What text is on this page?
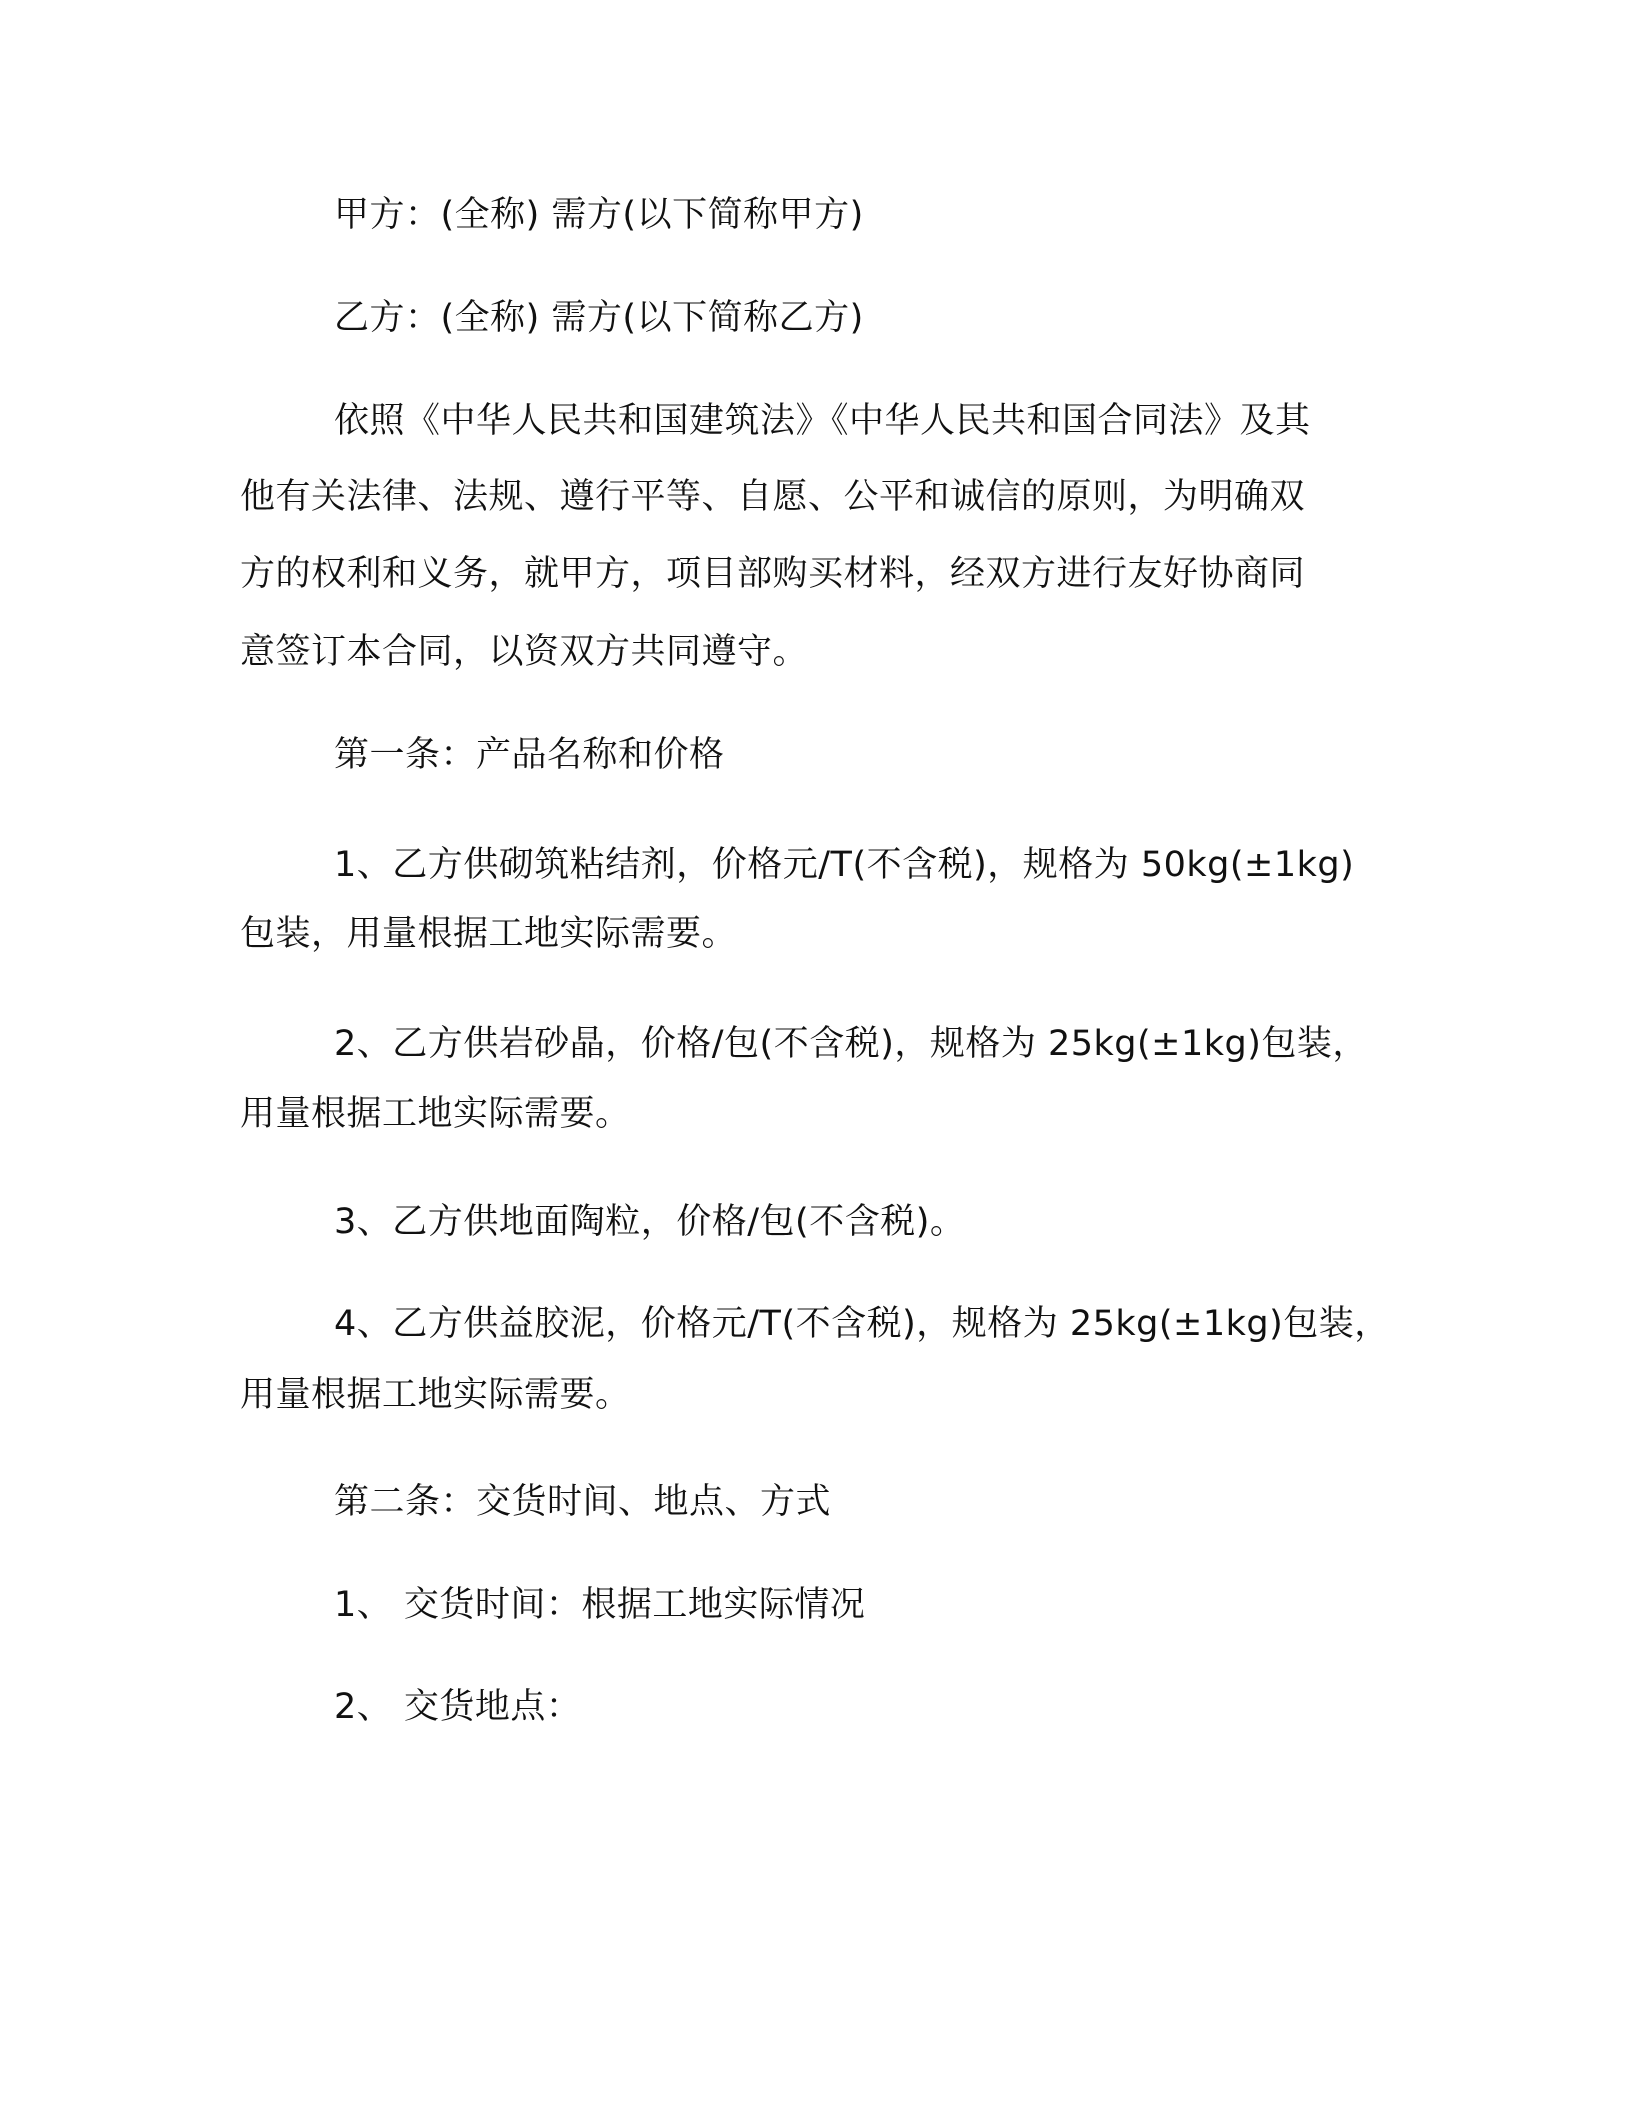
甲方：(全称) 需方(以下简称甲方)
乙方：(全称) 需方(以下简称乙方)
依照《中华人民共和国建筑法》《中华人民共和国合同法》及其
他有关法律、法规、遵行平等、自愿、公平和诚信的原则，为明确双
方的权利和义务，就甲方，项目部购买材料，经双方进行友好协商同
意签订本合同，以资双方共同遵守。
第一条：产品名称和价格
1、乙方供砌筑粘结剂，价格元/T(不含税)，规格为 50kg(±1kg)
包装，用量根据工地实际需要。
2、乙方供岩砂晶，价格/包(不含税)，规格为 25kg(±1kg)包装，
用量根据工地实际需要。
3、乙方供地面陶粒，价格/包(不含税)。
4、乙方供益胶泥，价格元/T(不含税)，规格为 25kg(±1kg)包装，
用量根据工地实际需要。
第二条：交货时间、地点、方式
1、 交货时间：根据工地实际情况
2、 交货地点：
